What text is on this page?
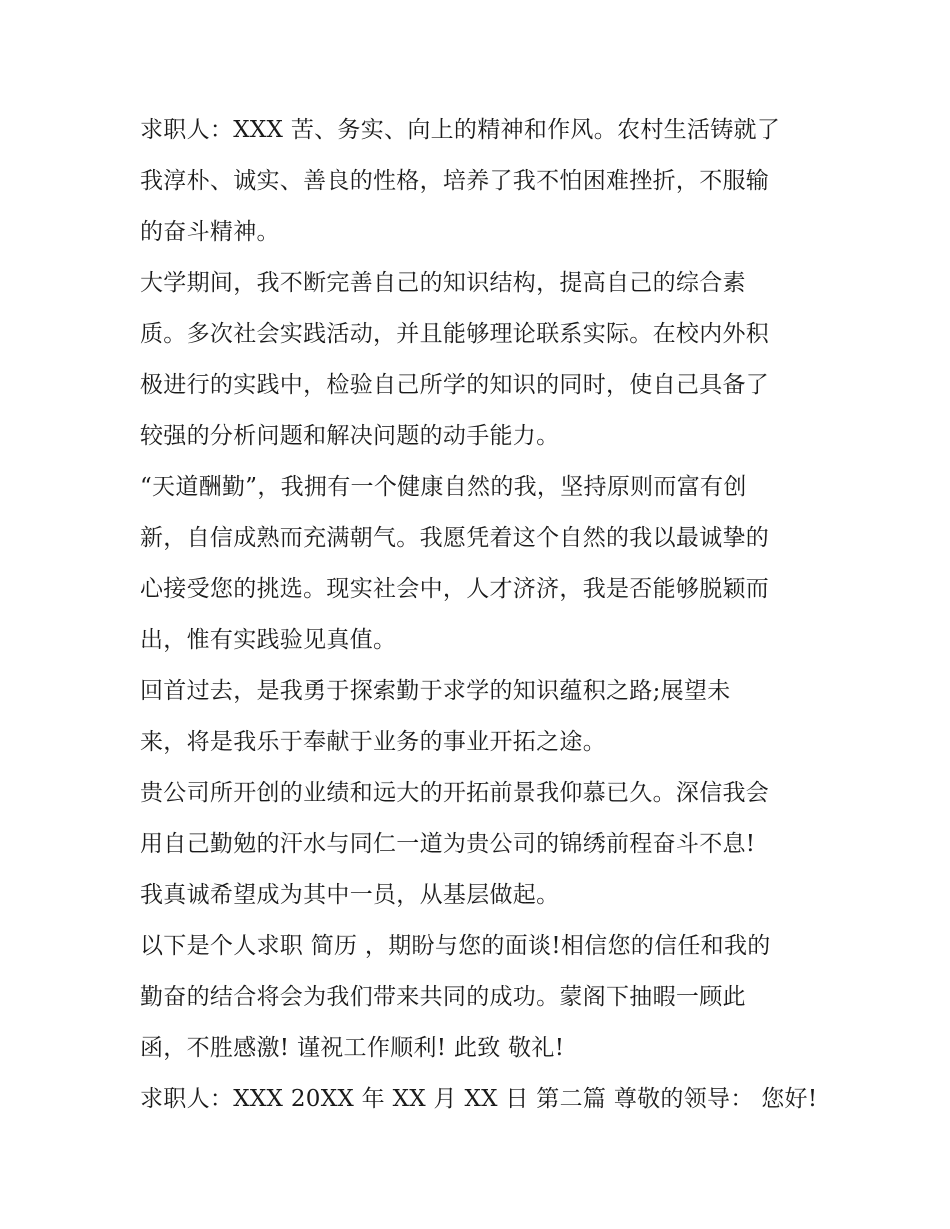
求职人：XXX 苦、务实、向上的精神和作风。农村生活铸就了
我淳朴、诚实、善良的性格，培养了我不怕困难挫折，不服输
的奋斗精神。
大学期间，我不断完善自己的知识结构，提高自己的综合素
质。多次社会实践活动，并且能够理论联系实际。在校内外积
极进行的实践中，检验自己所学的知识的同时，使自己具备了
较强的分析问题和解决问题的动手能力。
“天道酬勤”，我拥有一个健康自然的我，坚持原则而富有创
新，自信成熟而充满朝气。我愿凭着这个自然的我以最诚挚的
心接受您的挑选。现实社会中，人才济济，我是否能够脱颖而
出，惟有实践验见真值。
回首过去，是我勇于探索勤于求学的知识蕴积之路;展望未
来，将是我乐于奉献于业务的事业开拓之途。
贵公司所开创的业绩和远大的开拓前景我仰慕已久。深信我会
用自己勤勉的汗水与同仁一道为贵公司的锦绣前程奋斗不息!
我真诚希望成为其中一员，从基层做起。
以下是个人求职 简历 ，期盼与您的面谈!相信您的信任和我的
勤奋的结合将会为我们带来共同的成功。蒙阁下抽暇一顾此
函，不胜感激! 谨祝工作顺利! 此致 敬礼!
求职人：XXX 20XX 年 XX 月 XX 日 第二篇 尊敬的领导： 您好!
